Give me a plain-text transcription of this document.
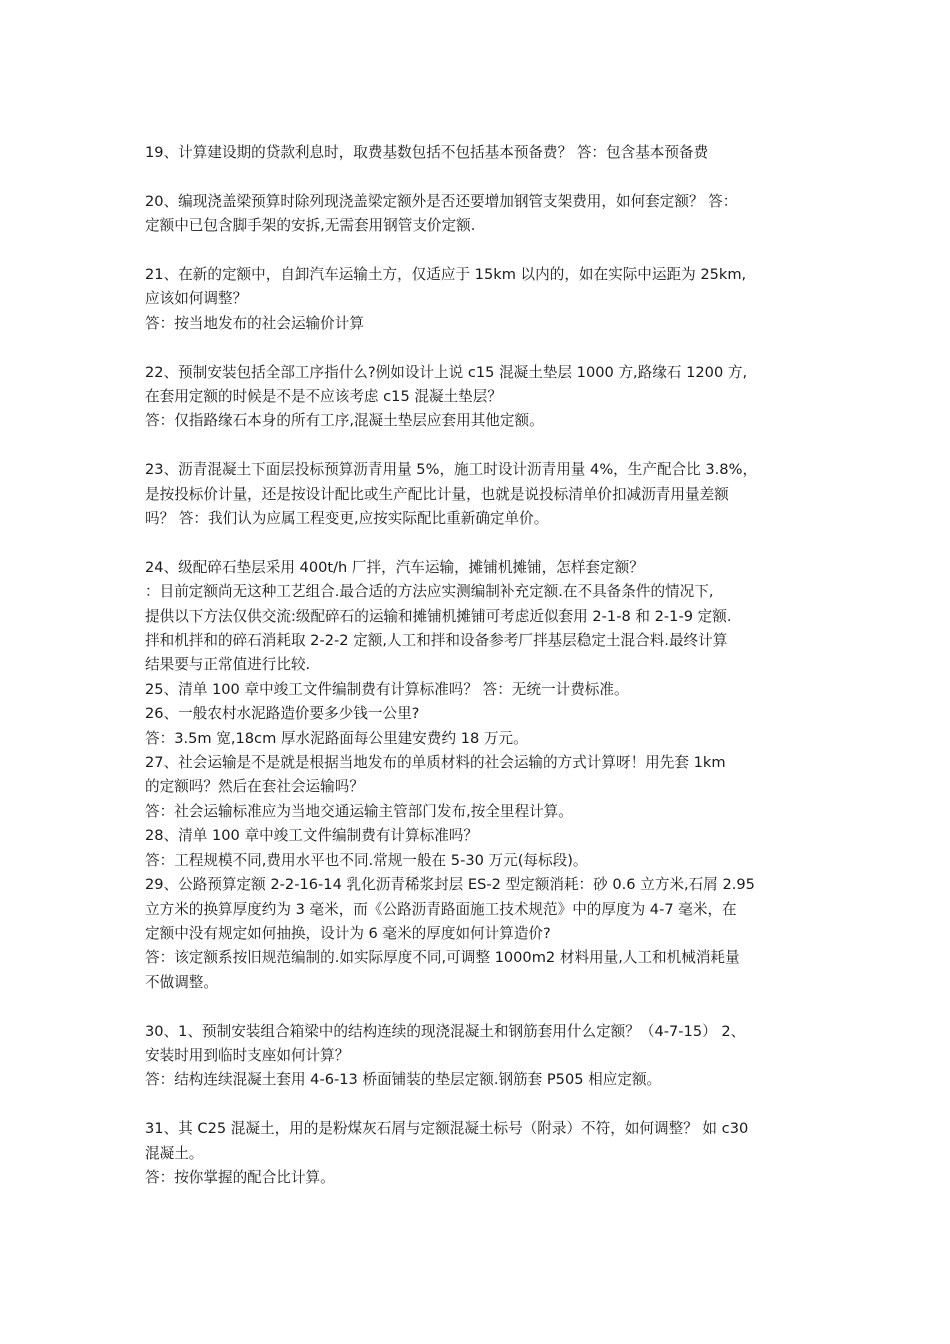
19、计算建设期的贷款利息时，取费基数包括不包括基本预备费？ 答：包含基本预备费
20、编现浇盖梁预算时除列现浇盖梁定额外是否还要增加钢管支架费用，如何套定额？ 答：
定额中已包含脚手架的安拆,无需套用钢管支价定额.
21、在新的定额中，自卸汽车运输土方，仅适应于 15km 以内的，如在实际中运距为 25km,
应该如何调整？
答：按当地发布的社会运输价计算
22、预制安装包括全部工序指什么?例如设计上说 c15 混凝土垫层 1000 方,路缘石 1200 方,
在套用定额的时候是不是不应该考虑 c15 混凝土垫层？
答：仅指路缘石本身的所有工序,混凝土垫层应套用其他定额。
23、沥青混凝土下面层投标预算沥青用量 5%，施工时设计沥青用量 4%，生产配合比 3.8%，
是按投标价计量，还是按设计配比或生产配比计量，也就是说投标清单价扣减沥青用量差额
吗？ 答：我们认为应属工程变更,应按实际配比重新确定单价。
24、级配碎石垫层采用 400t/h 厂拌，汽车运输，摊铺机摊铺，怎样套定额？
：目前定额尚无这种工艺组合.最合适的方法应实测编制补充定额.在不具备条件的情况下,
提供以下方法仅供交流:级配碎石的运输和摊铺机摊铺可考虑近似套用 2-1-8 和 2-1-9 定额.
拌和机拌和的碎石消耗取 2-2-2 定额,人工和拌和设备参考厂拌基层稳定土混合料.最终计算
结果要与正常值进行比较.
25、清单 100 章中竣工文件编制费有计算标准吗？ 答：无统一计费标准。
26、一般农村水泥路造价要多少钱一公里?
答：3.5m 宽,18cm 厚水泥路面每公里建安费约 18 万元。
27、社会运输是不是就是根据当地发布的单质材料的社会运输的方式计算呀！用先套 1km
的定额吗？然后在套社会运输吗？
答：社会运输标准应为当地交通运输主管部门发布,按全里程计算。
28、清单 100 章中竣工文件编制费有计算标准吗？
答：工程规模不同,费用水平也不同.常规一般在 5-30 万元(每标段)。
29、公路预算定额 2-2-16-14 乳化沥青稀浆封层 ES-2 型定额消耗：砂 0.6 立方米,石屑 2.95
立方米的换算厚度约为 3 毫米，而《公路沥青路面施工技术规范》中的厚度为 4-7 毫米，在
定额中没有规定如何抽换，设计为 6 毫米的厚度如何计算造价?
答：该定额系按旧规范编制的.如实际厚度不同,可调整 1000m2 材料用量,人工和机械消耗量
不做调整。
30、1、预制安装组合箱梁中的结构连续的现浇混凝土和钢筋套用什么定额？（4-7-15） 2、
安装时用到临时支座如何计算？
答：结构连续混凝土套用 4-6-13 桥面铺装的垫层定额.钢筋套 P505 相应定额。
31、其 C25 混凝土，用的是粉煤灰石屑与定额混凝土标号（附录）不符，如何调整？ 如 c30
混凝土。
答：按你掌握的配合比计算。
